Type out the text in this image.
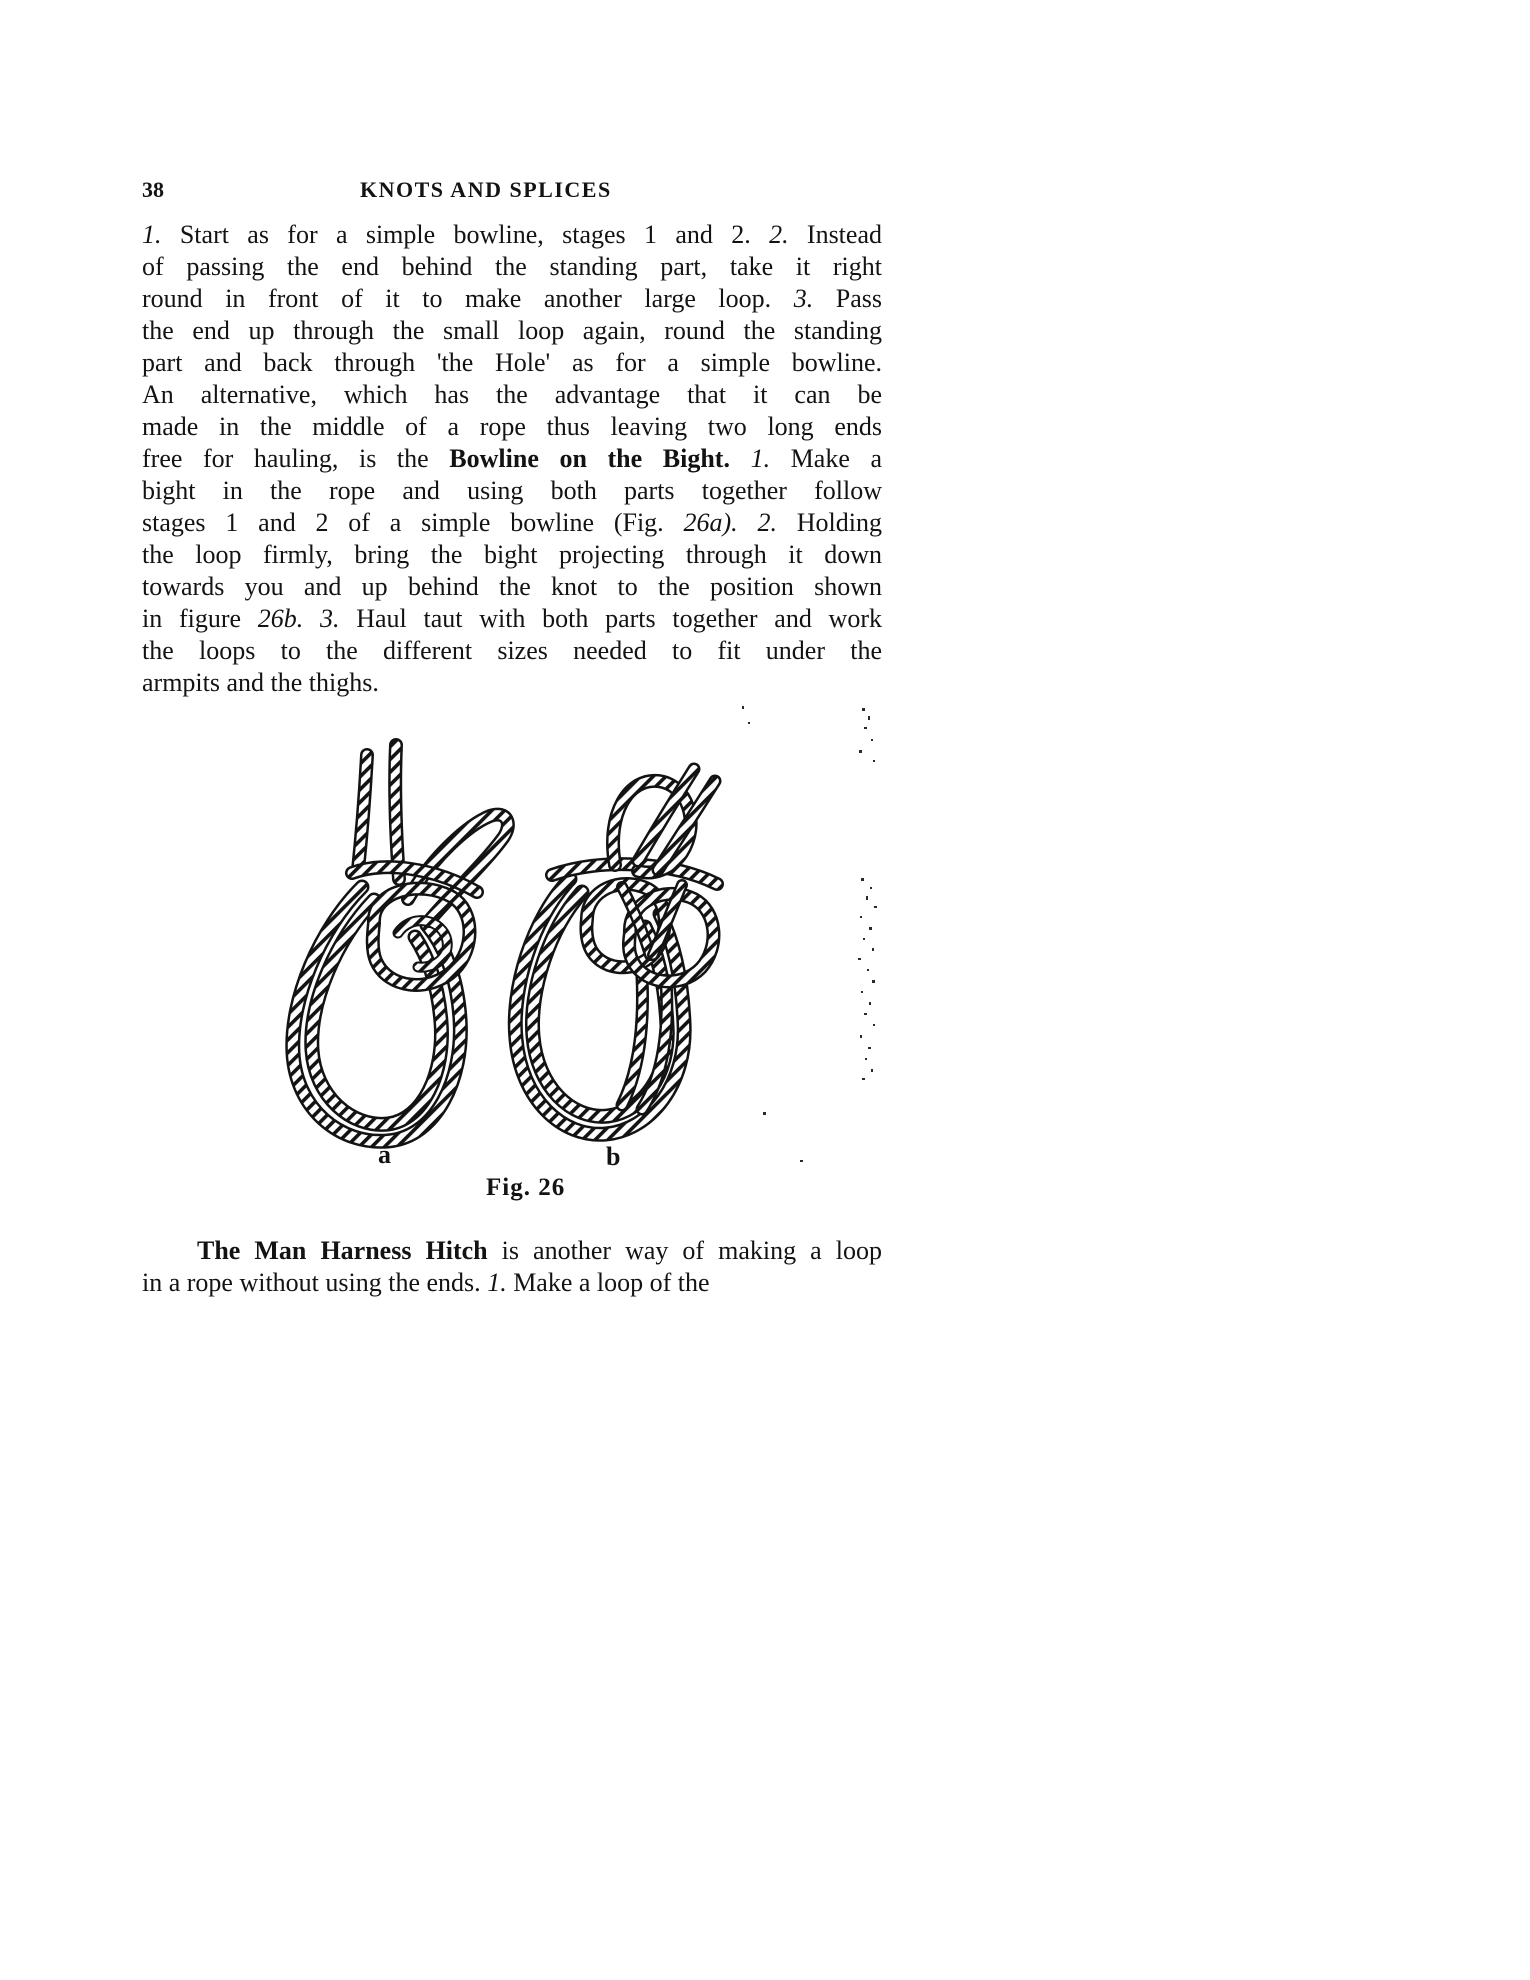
38	KNOTS AND SPLICES
1. Start as for a simple bowline, stages 1 and 2. 2. Instead
of passing the end behind the standing part, take it right
round in front of it to make another large loop. 3. Pass
the end up through the small loop again, round the standing
part and back through 'the Hole' as for a simple bowline.
An alternative, which has the advantage that it can be
made in the middle of a rope thus leaving two long ends
free for hauling, is the Bowline on the Bight. 1. Make a
bight in the rope and using both parts together follow
stages 1 and 2 of a simple bowline (Fig. 26a). 2. Holding
the loop firmly, bring the bight projecting through it down
towards you and up behind the knot to the position shown
in figure 26b. 3. Haul taut with both parts together and work
the loops to the different sizes needed to fit under the
armpits and the thighs.
a	b
Fig. 26
The Man Harness Hitch is another way of making a loop
in a rope without using the ends. 1. Make a loop of the
